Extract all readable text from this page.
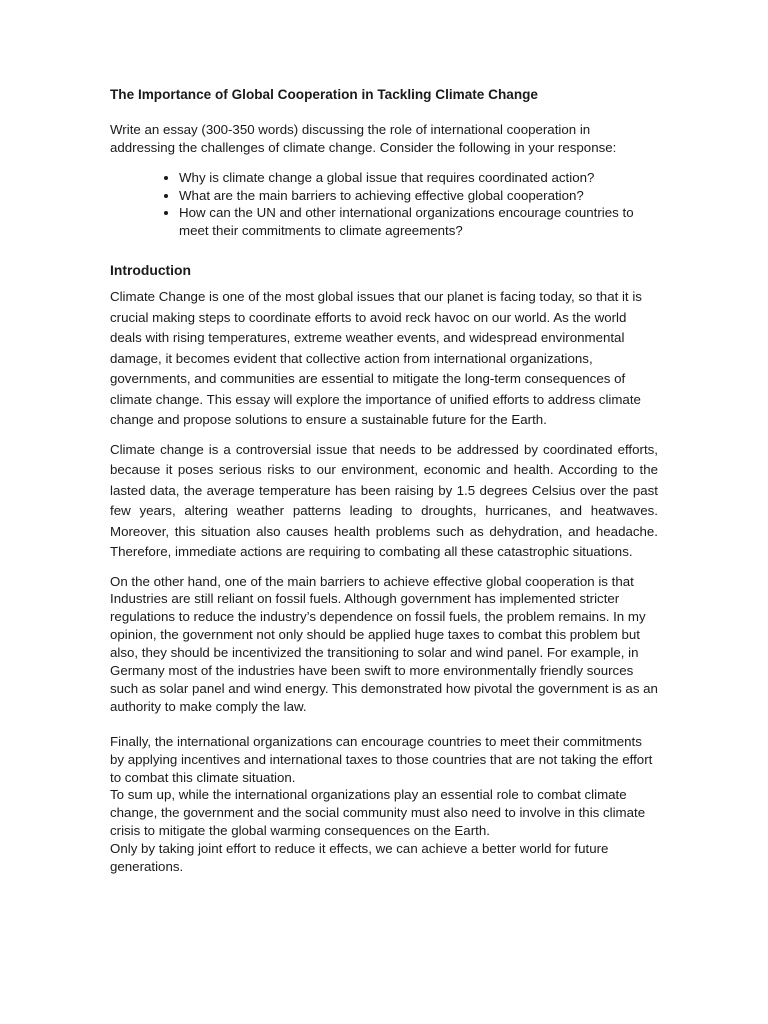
The Importance of Global Cooperation in Tackling Climate Change

Write an essay (300-350 words) discussing the role of international cooperation in addressing the challenges of climate change. Consider the following in your response:

• Why is climate change a global issue that requires coordinated action?
• What are the main barriers to achieving effective global cooperation?
• How can the UN and other international organizations encourage countries to meet their commitments to climate agreements?
Introduction

Climate Change is one of the most global issues that our planet is facing today, so that it is crucial making steps to coordinate efforts to avoid reck havoc on our world. As the world deals with rising temperatures, extreme weather events, and widespread environmental damage, it becomes evident that collective action from international organizations, governments, and communities are essential to mitigate the long-term consequences of climate change. This essay will explore the importance of unified efforts to address climate change and propose solutions to ensure a sustainable future for the Earth.

Climate change is a controversial issue that needs to be addressed by coordinated efforts, because it poses serious risks to our environment, economic and health. According to the lasted data, the average temperature has been raising by 1.5 degrees Celsius over the past few years, altering weather patterns leading to droughts, hurricanes, and heatwaves. Moreover, this situation also causes health problems such as dehydration, and headache. Therefore, immediate actions are requiring to combating all these catastrophic situations.

On the other hand, one of the main barriers to achieve effective global cooperation is that Industries are still reliant on fossil fuels. Although government has implemented stricter regulations to reduce the industry’s dependence on fossil fuels, the problem remains. In my opinion, the government not only should be applied huge taxes to combat this problem but also, they should be incentivized the transitioning to solar and wind panel. For example, in Germany most of the industries have been swift to more environmentally friendly sources such as solar panel and wind energy. This demonstrated how pivotal the government is as an authority to make comply the law.

Finally, the international organizations can encourage countries to meet their commitments by applying incentives and international taxes to those countries that are not taking the effort to combat this climate situation.

To sum up, while the international organizations play an essential role to combat climate change, the government and the social community must also need to involve in this climate crisis to mitigate the global warming consequences on the Earth.

Only by taking joint effort to reduce it effects, we can achieve a better world for future generations.
